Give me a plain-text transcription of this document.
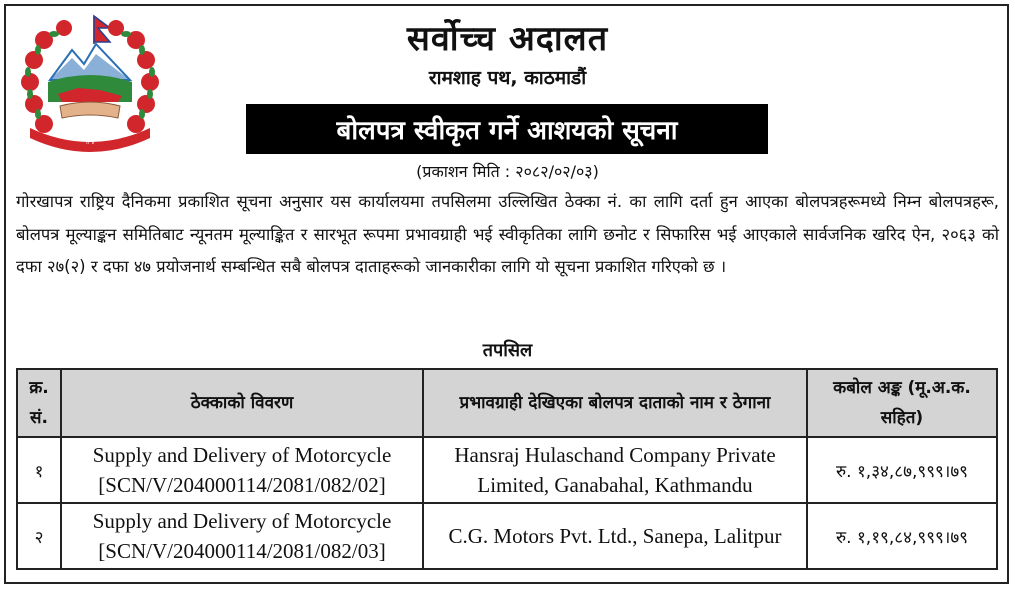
॥ ॥
सर्वोच्च अदालत
रामशाह पथ, काठमाडौं
बोलपत्र स्वीकृत गर्ने आशयको सूचना
(प्रकाशन मिति : २०८२/०२/०३)
गोरखापत्र राष्ट्रिय दैनिकमा प्रकाशित सूचना अनुसार यस कार्यालयमा तपसिलमा उल्लिखित ठेक्का नं. का लागि दर्ता हुन आएका बोलपत्रहरूमध्ये निम्न बोलपत्रहरू, बोलपत्र मूल्याङ्कन समितिबाट न्यूनतम मूल्याङ्कित र सारभूत रूपमा प्रभावग्राही भई स्वीकृतिका लागि छनोट र सिफारिस भई आएकाले सार्वजनिक खरिद ऐन, २०६३ को दफा २७(२) र दफा ४७ प्रयोजनार्थ सम्बन्धित सबै बोलपत्र दाताहरूको जानकारीका लागि यो सूचना प्रकाशित गरिएको छ ।
तपसिल
क्र. सं.	ठेक्काको विवरण	प्रभावग्राही देखिएका बोलपत्र दाताको नाम र ठेगाना	कबोल अङ्क (मू.अ.क. सहित)
१	Supply and Delivery of Motorcycle [SCN/V/204000114/2081/082/02]	Hansraj Hulaschand Company Private Limited, Ganabahal, Kathmandu	रु. १,३४,८७,९९९।७९
२	Supply and Delivery of Motorcycle [SCN/V/204000114/2081/082/03]	C.G. Motors Pvt. Ltd., Sanepa, Lalitpur	रु. १,१९,८४,९९९।७९
